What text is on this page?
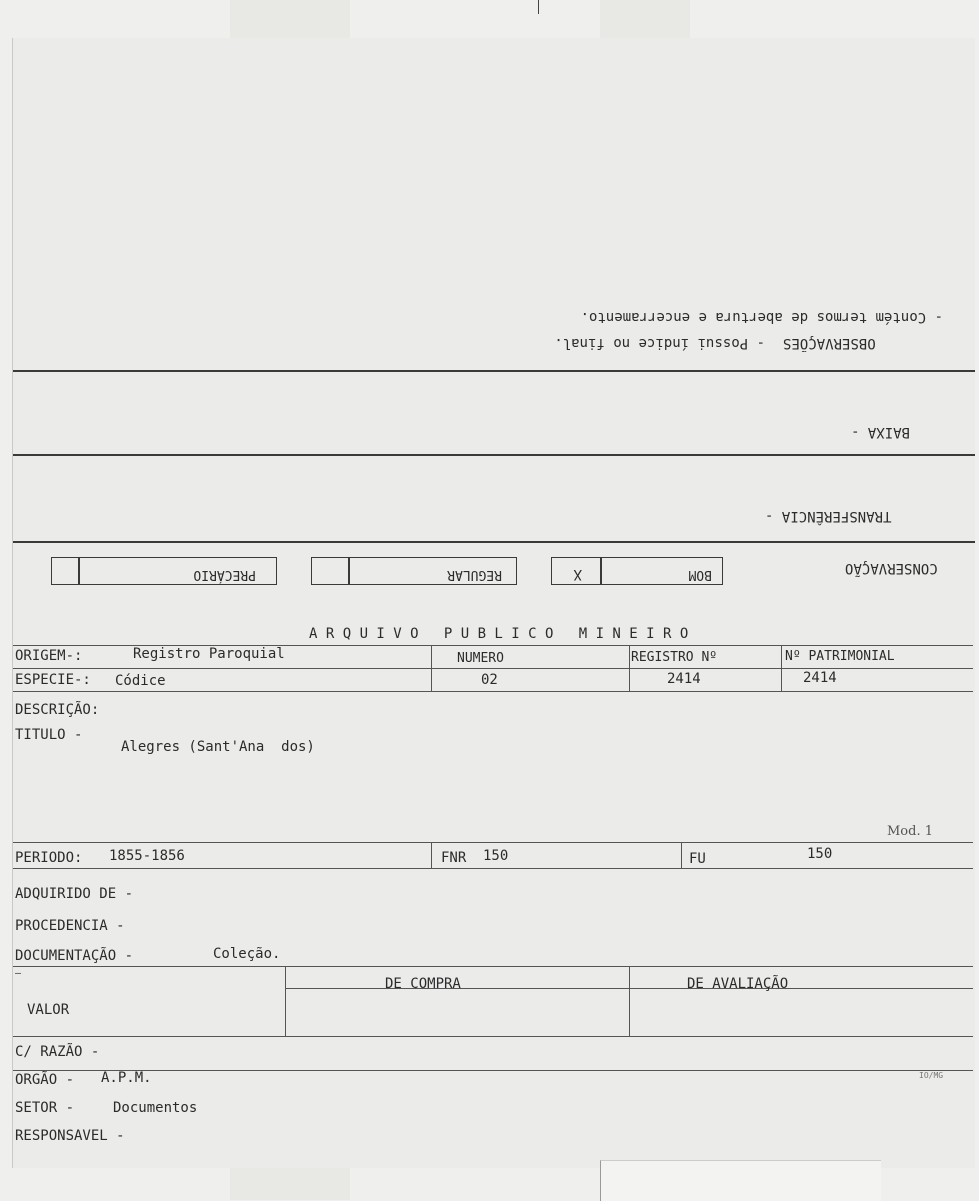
- Contém termos de abertura e encerramento.
- Possui índice no final. OBSERVAÇÕES
BAIXA -
TRANSFERÊNCIA -
CONSERVAÇÃO
BOM
X
REGULAR
PRECÁRIO
A R Q U I V O   P U B L I C O   M I N E I R O
ORIGEM-:	Registro Paroquial	NUMERO	REGISTRO Nº	Nº PATRIMONIAL
ESPECIE-: Códice	02	2414	2414
DESCRIÇÃO:
TITULO -
Alegres (Sant'Ana  dos)
Mod. 1
PERIODO: 1855-1856	FNR 150	FU	150
ADQUIRIDO DE -
PROCEDENCIA -
DOCUMENTAÇÃO -	Coleção.
—
VALOR
DE COMPRA	DE AVALIAÇÃO
C/ RAZÃO -
ORGÃO - A.P.M.	IO/MG
SETOR -	Documentos
RESPONSAVEL -
